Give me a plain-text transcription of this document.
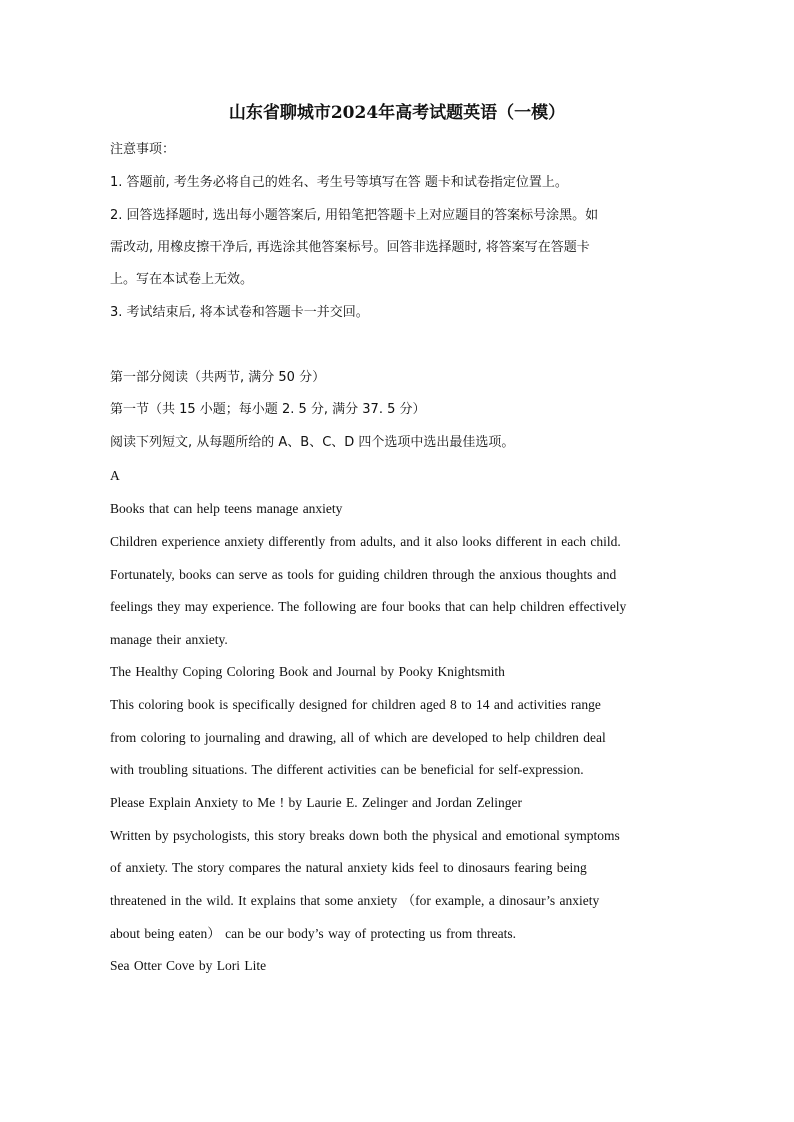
山东省聊城市2024年高考试题英语（一模）
注意事项：
1. 答题前, 考生务必将自己的姓名、考生号等填写在答 题卡和试卷指定位置上。
2. 回答选择题时, 选出每小题答案后, 用铅笔把答题卡上对应题目的答案标号涂黑。如
需改动, 用橡皮擦干净后, 再选涂其他答案标号。回答非选择题时, 将答案写在答题卡
上。写在本试卷上无效。
3. 考试结束后, 将本试卷和答题卡一并交回。
第一部分阅读（共两节, 满分 50 分）
第一节（共 15 小题；每小题 2. 5 分, 满分 37. 5 分）
阅读下列短文, 从每题所给的 A、B、C、D 四个选项中选出最佳选项。
A
Books that can help teens manage anxiety
Children experience anxiety differently from adults, and it also looks different in each child.
Fortunately, books can serve as tools for guiding children through the anxious thoughts and
feelings they may experience. The following are four books that can help children effectively
manage their anxiety.
The Healthy Coping Coloring Book and Journal by Pooky Knightsmith
This coloring book is specifically designed for children aged 8 to 14 and activities range
from coloring to journaling and drawing, all of which are developed to help children deal
with troubling situations. The different activities can be beneficial for self-expression.
Please Explain Anxiety to Me ! by Laurie E. Zelinger and Jordan Zelinger
Written by psychologists, this story breaks down both the physical and emotional symptoms
of anxiety. The story compares the natural anxiety kids feel to dinosaurs fearing being
threatened in the wild. It explains that some anxiety （for example, a dinosaur’s anxiety
about being eaten） can be our body’s way of protecting us from threats.
Sea Otter Cove by Lori Lite
